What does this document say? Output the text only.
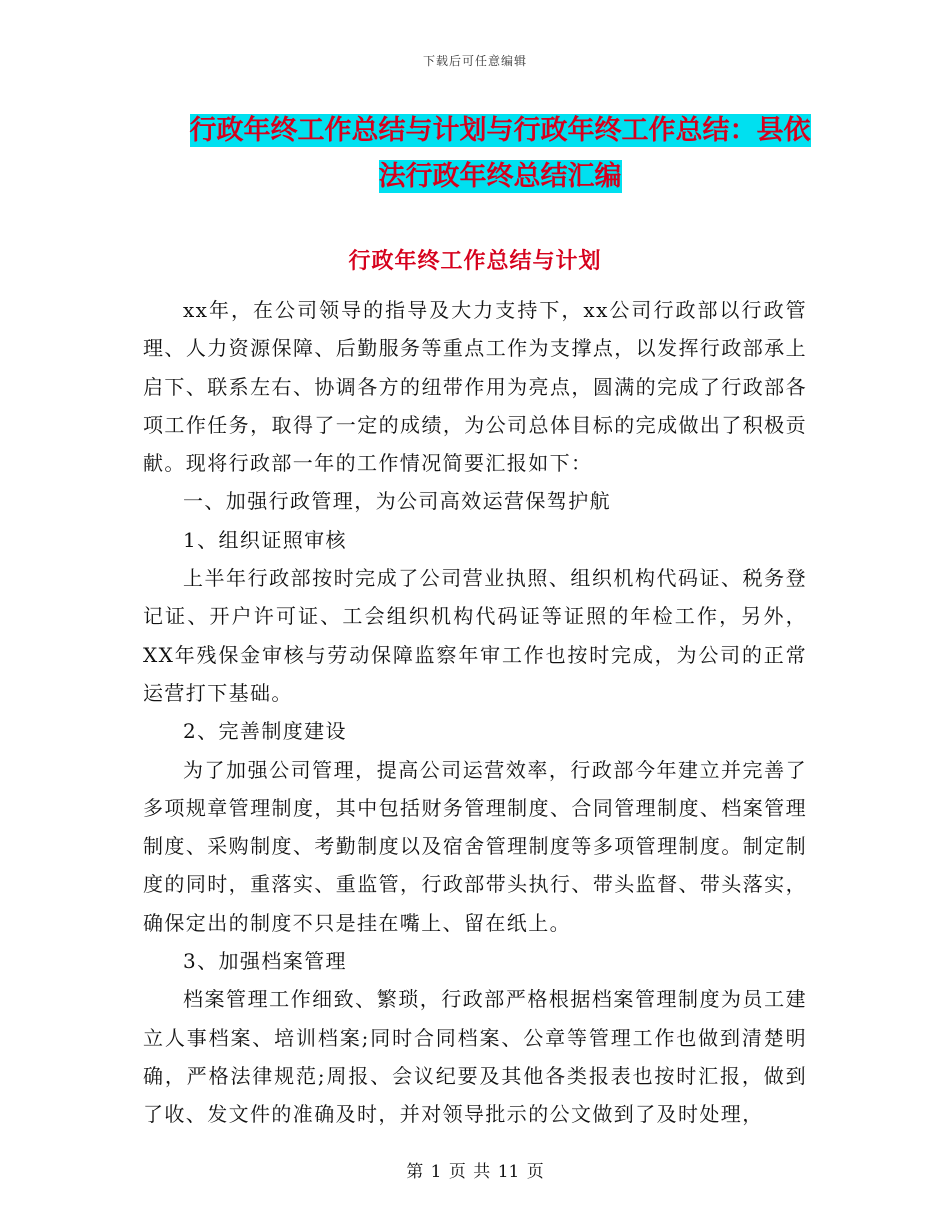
下载后可任意编辑
行政年终工作总结与计划与行政年终工作总结：县依
法行政年终总结汇编
行政年终工作总结与计划

xx年，在公司领导的指导及大力支持下，xx公司行政部以行政管理、人力资源保障、后勤服务等重点工作为支撑点，以发挥行政部承上启下、联系左右、协调各方的纽带作用为亮点，圆满的完成了行政部各项工作任务，取得了一定的成绩，为公司总体目标的完成做出了积极贡献。现将行政部一年的工作情况简要汇报如下：

一、加强行政管理，为公司高效运营保驾护航

1、组织证照审核

上半年行政部按时完成了公司营业执照、组织机构代码证、税务登记证、开户许可证、工会组织机构代码证等证照的年检工作，另外，XX年残保金审核与劳动保障监察年审工作也按时完成，为公司的正常运营打下基础。

2、完善制度建设

为了加强公司管理，提高公司运营效率，行政部今年建立并完善了多项规章管理制度，其中包括财务管理制度、合同管理制度、档案管理制度、采购制度、考勤制度以及宿舍管理制度等多项管理制度。制定制度的同时，重落实、重监管，行政部带头执行、带头监督、带头落实，确保定出的制度不只是挂在嘴上、留在纸上。

3、加强档案管理

档案管理工作细致、繁琐，行政部严格根据档案管理制度为员工建立人事档案、培训档案;同时合同档案、公章等管理工作也做到清楚明确，严格法律规范;周报、会议纪要及其他各类报表也按时汇报，做到了收、发文件的准确及时，并对领导批示的公文做到了及时处理，

第 1 页 共 11 页
